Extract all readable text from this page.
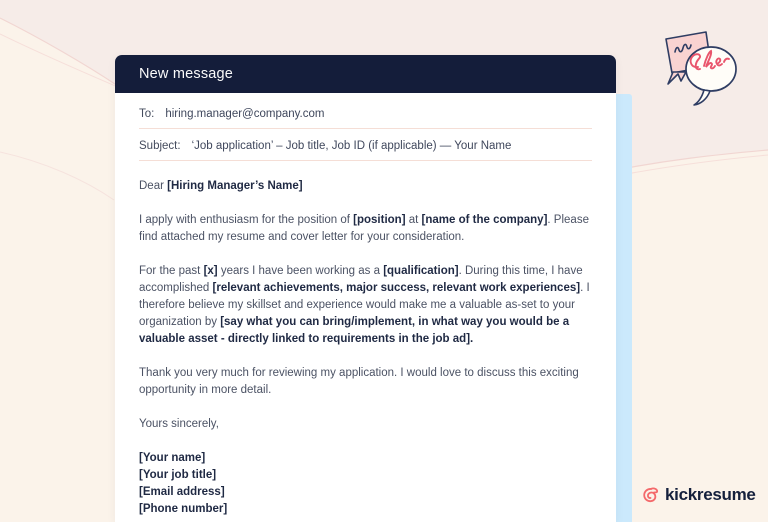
New message
To: hiring.manager@company.com
Subject: ‘Job application’ – Job title, Job ID (if applicable) — Your Name

Dear [Hiring Manager’s Name]

I apply with enthusiasm for the position of [position] at [name of the company]. Please find attached my resume and cover letter for your consideration.

For the past [x] years I have been working as a [qualification]. During this time, I have accomplished [relevant achievements, major success, relevant work experiences]. I therefore believe my skillset and experience would make me a valuable as-set to your organization by [say what you can bring/implement, in what way you would be a valuable asset - directly linked to requirements in the job ad].

Thank you very much for reviewing my application. I would love to discuss this exciting opportunity in more detail.

Yours sincerely,

[Your name]
[Your job title]
[Email address]
[Phone number]
kickresume
